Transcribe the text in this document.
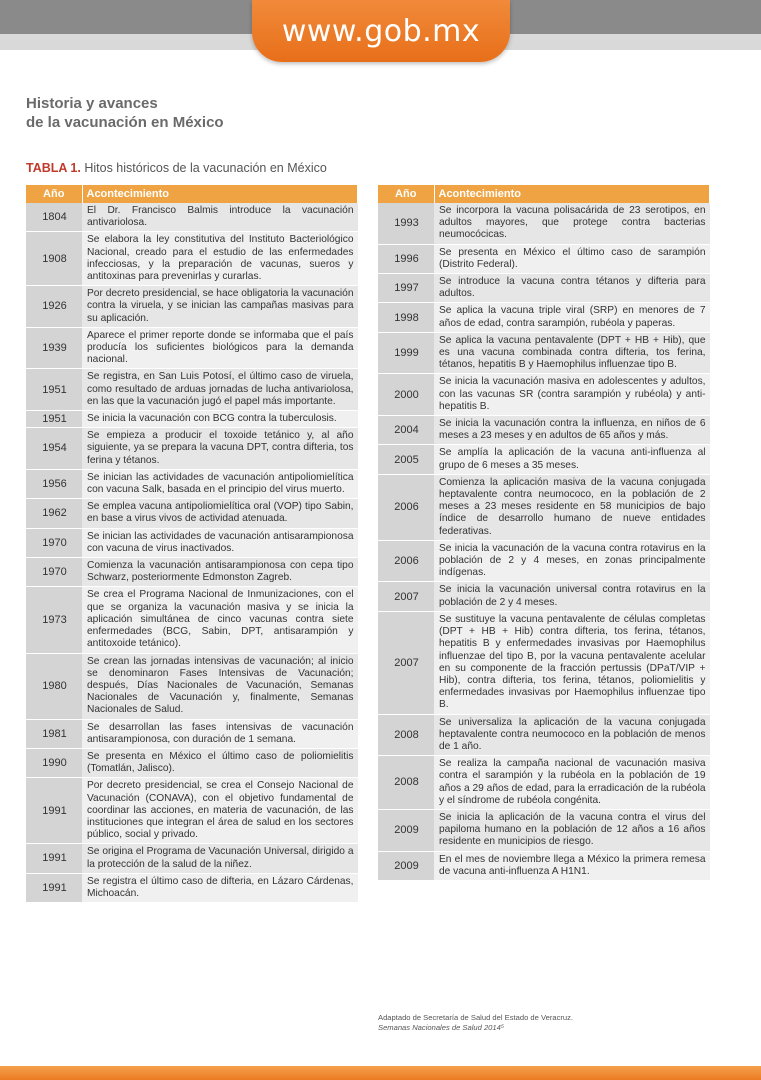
www.gob.mx
Historia y avances
de la vacunación en México
TABLA 1. Hitos históricos de la vacunación en México
Año	Acontecimiento
1804	El Dr. Francisco Balmis introduce la vacunación antivariolosa.
1908	Se elabora la ley constitutiva del Instituto Bacteriológico Nacional, creado para el estudio de las enfermedades infecciosas, y la preparación de vacunas, sueros y antitoxinas para prevenirlas y curarlas.
1926	Por decreto presidencial, se hace obligatoria la vacunación contra la viruela, y se inician las campañas masivas para su aplicación.
1939	Aparece el primer reporte donde se informaba que el país producía los suficientes biológicos para la demanda nacional.
1951	Se registra, en San Luis Potosí, el último caso de viruela, como resultado de arduas jornadas de lucha antivariolosa, en las que la vacunación jugó el papel más importante.
1951	Se inicia la vacunación con BCG contra la tuberculosis.
1954	Se empieza a producir el toxoide tetánico y, al año siguiente, ya se prepara la vacuna DPT, contra difteria, tos ferina y tétanos.
1956	Se inician las actividades de vacunación antipoliomielítica con vacuna Salk, basada en el principio del virus muerto.
1962	Se emplea vacuna antipoliomielítica oral (VOP) tipo Sabin, en base a virus vivos de actividad atenuada.
1970	Se inician las actividades de vacunación antisarampionosa con vacuna de virus inactivados.
1970	Comienza la vacunación antisarampionosa con cepa tipo Schwarz, posteriormente Edmonston Zagreb.
1973	Se crea el Programa Nacional de Inmunizaciones, con el que se organiza la vacunación masiva y se inicia la aplicación simultánea de cinco vacunas contra siete enfermedades (BCG, Sabin, DPT, antisarampión y antitoxoide tetánico).
1980	Se crean las jornadas intensivas de vacunación; al inicio se denominaron Fases Intensivas de Vacunación; después, Días Nacionales de Vacunación, Semanas Nacionales de Vacunación y, finalmente, Semanas Nacionales de Salud.
1981	Se desarrollan las fases intensivas de vacunación antisarampionosa, con duración de 1 semana.
1990	Se presenta en México el último caso de poliomielitis (Tomatlán, Jalisco).
1991	Por decreto presidencial, se crea el Consejo Nacional de Vacunación (CONAVA), con el objetivo fundamental de coordinar las acciones, en materia de vacunación, de las instituciones que integran el área de salud en los sectores público, social y privado.
1991	Se origina el Programa de Vacunación Universal, dirigido a la protección de la salud de la niñez.
1991	Se registra el último caso de difteria, en Lázaro Cárdenas, Michoacán.
Año	Acontecimiento
1993	Se incorpora la vacuna polisacárida de 23 serotipos, en adultos mayores, que protege contra bacterias neumocócicas.
1996	Se presenta en México el último caso de sarampión (Distrito Federal).
1997	Se introduce la vacuna contra tétanos y difteria para adultos.
1998	Se aplica la vacuna triple viral (SRP) en menores de 7 años de edad, contra sarampión, rubéola y paperas.
1999	Se aplica la vacuna pentavalente (DPT + HB + Hib), que es una vacuna combinada contra difteria, tos ferina, tétanos, hepatitis B y Haemophilus influenzae tipo B.
2000	Se inicia la vacunación masiva en adolescentes y adultos, con las vacunas SR (contra sarampión y rubéola) y anti-hepatitis B.
2004	Se inicia la vacunación contra la influenza, en niños de 6 meses a 23 meses y en adultos de 65 años y más.
2005	Se amplía la aplicación de la vacuna anti-influenza al grupo de 6 meses a 35 meses.
2006	Comienza la aplicación masiva de la vacuna conjugada heptavalente contra neumococo, en la población de 2 meses a 23 meses residente en 58 municipios de bajo índice de desarrollo humano de nueve entidades federativas.
2006	Se inicia la vacunación de la vacuna contra rotavirus en la población de 2 y 4 meses, en zonas principalmente indígenas.
2007	Se inicia la vacunación universal contra rotavirus en la población de 2 y 4 meses.
2007	Se sustituye la vacuna pentavalente de células completas (DPT + HB + Hib) contra difteria, tos ferina, tétanos, hepatitis B y enfermedades invasivas por Haemophilus influenzae del tipo B, por la vacuna pentavalente acelular en su componente de la fracción pertussis (DPaT/VIP + Hib), contra difteria, tos ferina, tétanos, poliomielitis y enfermedades invasivas por Haemophilus influenzae tipo B.
2008	Se universaliza la aplicación de la vacuna conjugada heptavalente contra neumococo en la población de menos de 1 año.
2008	Se realiza la campaña nacional de vacunación masiva contra el sarampión y la rubéola en la población de 19 años a 29 años de edad, para la erradicación de la rubéola y el síndrome de rubéola congénita.
2009	Se inicia la aplicación de la vacuna contra el virus del papiloma humano en la población de 12 años a 16 años residente en municipios de riesgo.
2009	En el mes de noviembre llega a México la primera remesa de vacuna anti-influenza A H1N1.
Adaptado de Secretaría de Salud del Estado de Veracruz.
Semanas Nacionales de Salud 2014⁵
